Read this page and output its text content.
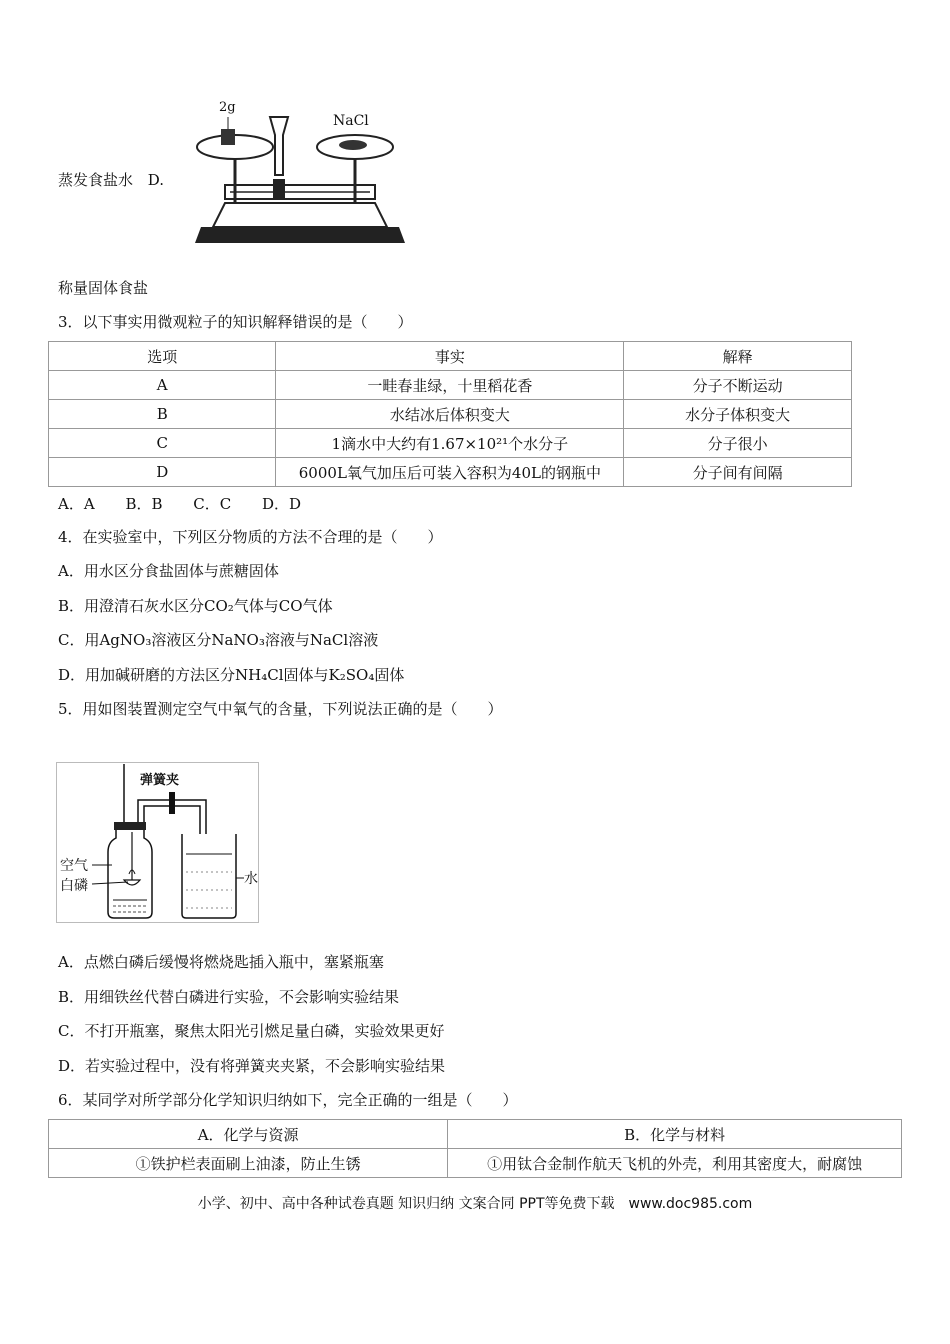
蒸发食盐水 D.
2g
NaCl
称量固体食盐
3．以下事实用微观粒子的知识解释错误的是（　　）
选项	事实	解释
A	一畦春韭绿，十里稻花香	分子不断运动
B	水结冰后体积变大	水分子体积变大
C	1滴水中大约有1.67×10²¹个水分子	分子很小
D	6000L氧气加压后可装入容积为40L的钢瓶中	分子间有间隔
A．A B．B C．C D．D
4．在实验室中，下列区分物质的方法不合理的是（　　）
A．用水区分食盐固体与蔗糖固体
B．用澄清石灰水区分CO₂气体与CO气体
C．用AgNO₃溶液区分NaNO₃溶液与NaCl溶液
D．用加碱研磨的方法区分NH₄Cl固体与K₂SO₄固体
5．用如图装置测定空气中氧气的含量，下列说法正确的是（　　）
弹簧夹
空气
白磷	水
A．点燃白磷后缓慢将燃烧匙插入瓶中，塞紧瓶塞
B．用细铁丝代替白磷进行实验，不会影响实验结果
C．不打开瓶塞，聚焦太阳光引燃足量白磷，实验效果更好
D．若实验过程中，没有将弹簧夹夹紧，不会影响实验结果
6．某同学对所学部分化学知识归纳如下，完全正确的一组是（　　）
A．化学与资源	B．化学与材料
①铁护栏表面刷上油漆，防止生锈	①用钛合金制作航天飞机的外壳，利用其密度大，耐腐蚀
小学、初中、高中各种试卷真题 知识归纳 文案合同 PPT等免费下载　www.doc985.com
